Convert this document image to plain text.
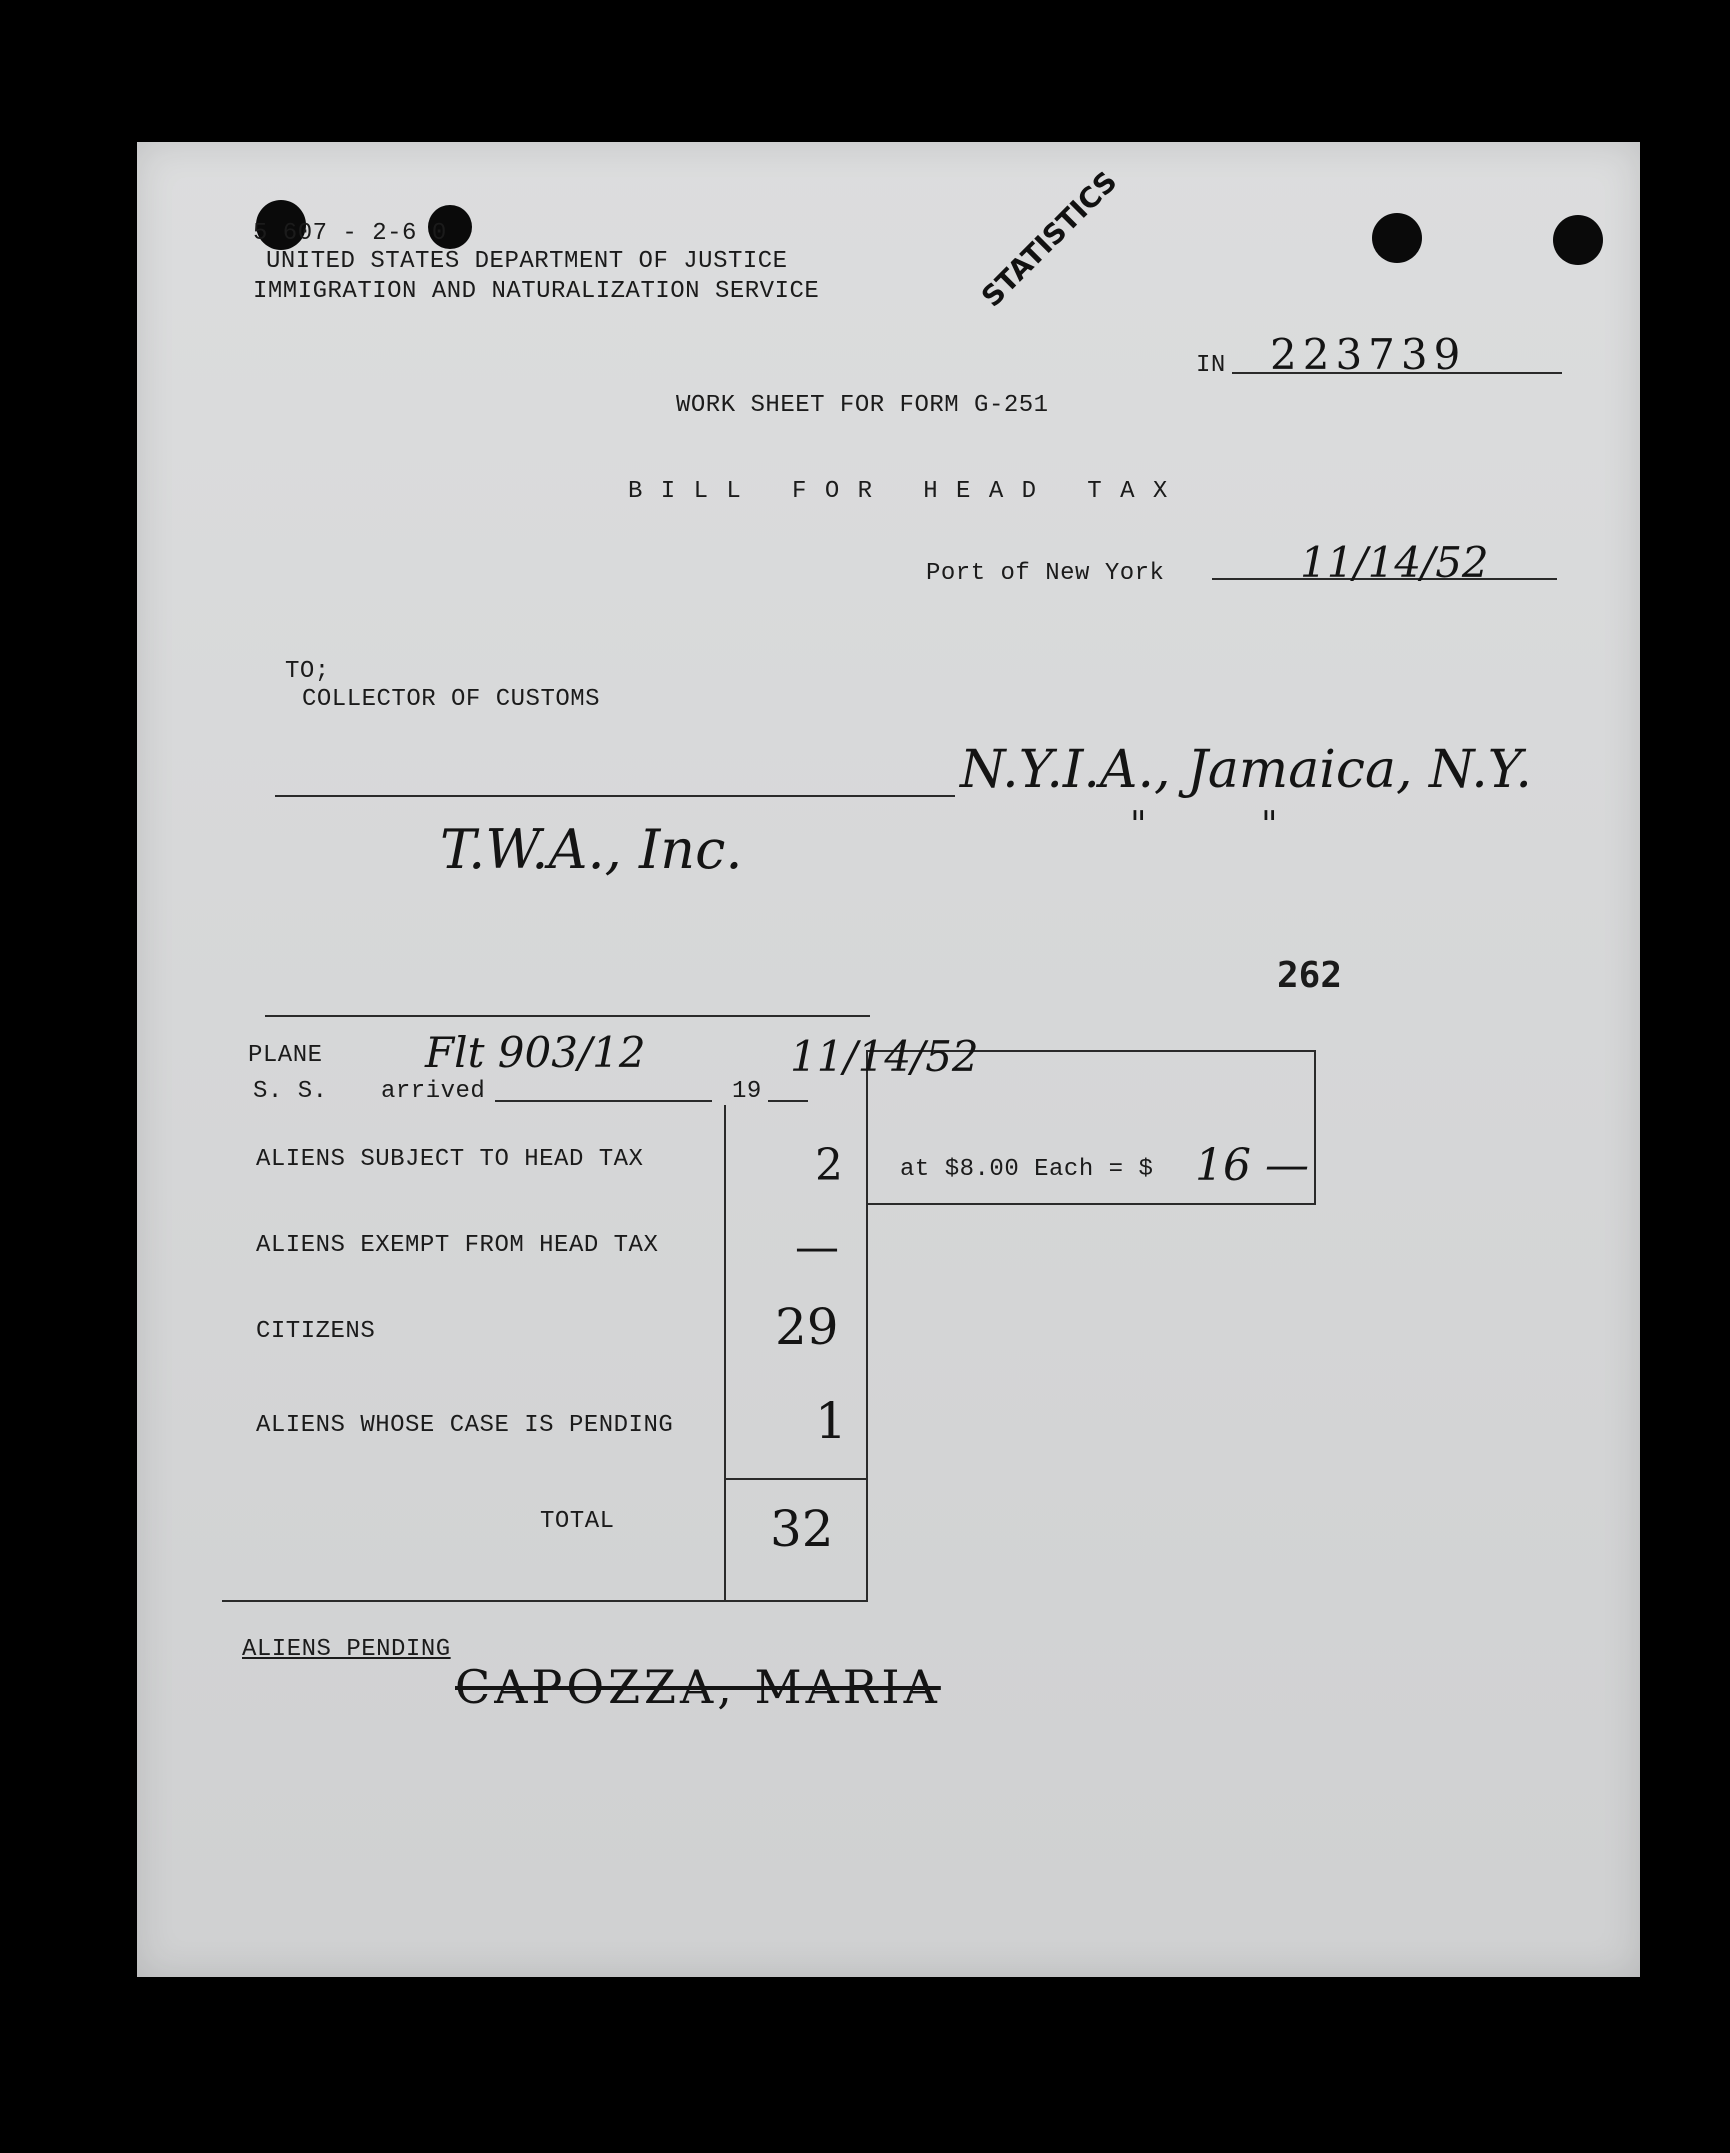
5 607 - 2-6 0
UNITED STATES DEPARTMENT OF JUSTICE
IMMIGRATION AND NATURALIZATION SERVICE	STATISTICS
IN 223739
WORK SHEET FOR FORM G-251
B I L L   F O R   H E A D   T A X
Port of New York	11/14/52
TO;
COLLECTOR OF CUSTOMS
N.Y.I.A., Jamaica, N.Y.
"          "
T.W.A., Inc.
262
PLANE Flt 903/12	11/14/52
S. S. arrived	19
ALIENS SUBJECT TO HEAD TAX	2 at $8.00 Each = $ 16 —
ALIENS EXEMPT FROM HEAD TAX	—
CITIZENS	29
ALIENS WHOSE CASE IS PENDING	1
TOTAL	32
ALIENS PENDING
CAPOZZA, MARIA
